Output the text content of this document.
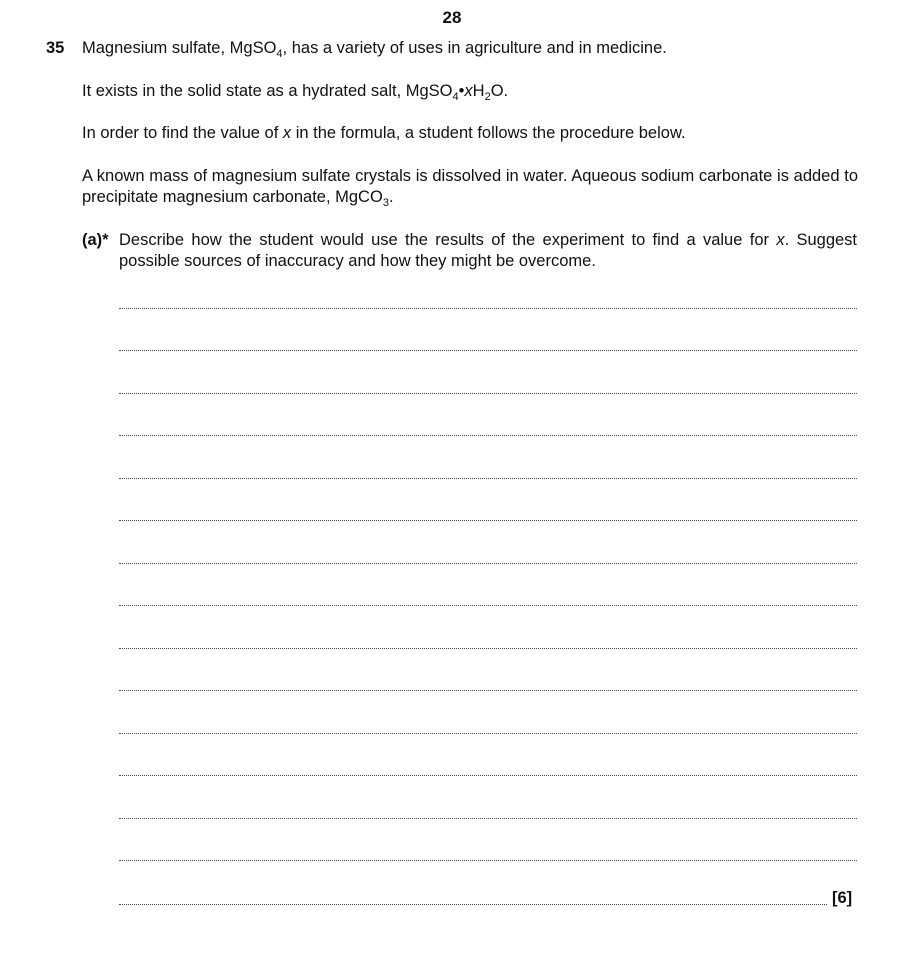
28
35 Magnesium sulfate, MgSO$_4$, has a variety of uses in agriculture and in medicine.

It exists in the solid state as a hydrated salt, $MgSO_4•xH_2O$.

In order to find the value of x in the formula, a student follows the procedure below.

A known mass of magnesium sulfate crystals is dissolved in water. Aqueous sodium carbonate is added to precipitate magnesium carbonate, MgCO$_3$.

(a)* Describe how the student would use the results of the experiment to find a value for x. Suggest possible sources of inaccuracy and how they might be overcome.

[6]
